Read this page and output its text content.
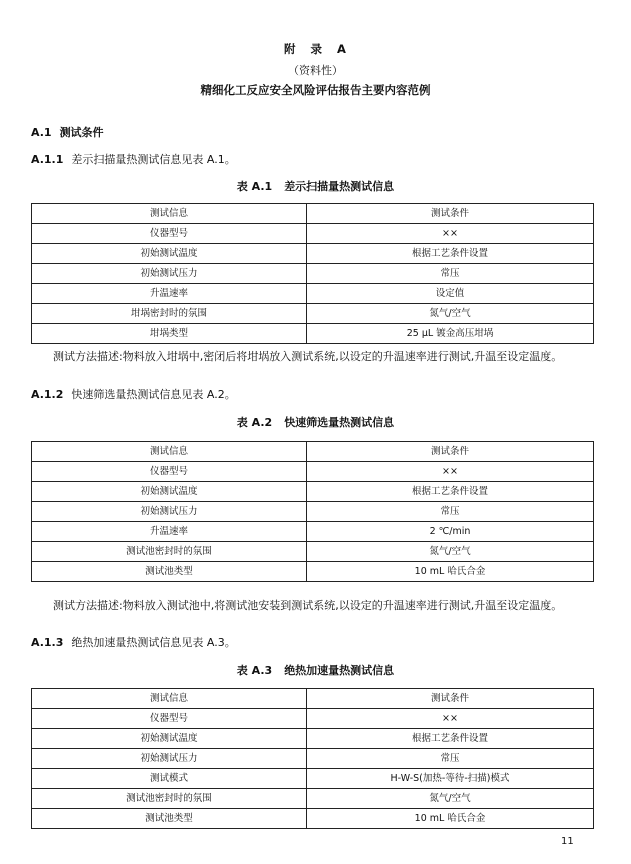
附 录 A
（资料性）
精细化工反应安全风险评估报告主要内容范例
A.1 测试条件
A.1.1 差示扫描量热测试信息见表 A.1。
表 A.1 差示扫描量热测试信息
测试信息	测试条件
仪器型号	××
初始测试温度	根据工艺条件设置
初始测试压力	常压
升温速率	设定值
坩埚密封时的氛围	氮气/空气
坩埚类型	25 μL 镀金高压坩埚
测试方法描述:物料放入坩埚中,密闭后将坩埚放入测试系统,以设定的升温速率进行测试,升温至设定温度。
A.1.2 快速筛选量热测试信息见表 A.2。
表 A.2 快速筛选量热测试信息
测试信息	测试条件
仪器型号	××
初始测试温度	根据工艺条件设置
初始测试压力	常压
升温速率	2 ℃/min
测试池密封时的氛围	氮气/空气
测试池类型	10 mL 哈氏合金
测试方法描述:物料放入测试池中,将测试池安装到测试系统,以设定的升温速率进行测试,升温至设定温度。
A.1.3 绝热加速量热测试信息见表 A.3。
表 A.3 绝热加速量热测试信息
测试信息	测试条件
仪器型号	××
初始测试温度	根据工艺条件设置
初始测试压力	常压
测试模式	H-W-S(加热-等待-扫描)模式
测试池密封时的氛围	氮气/空气
测试池类型	10 mL 哈氏合金
11
